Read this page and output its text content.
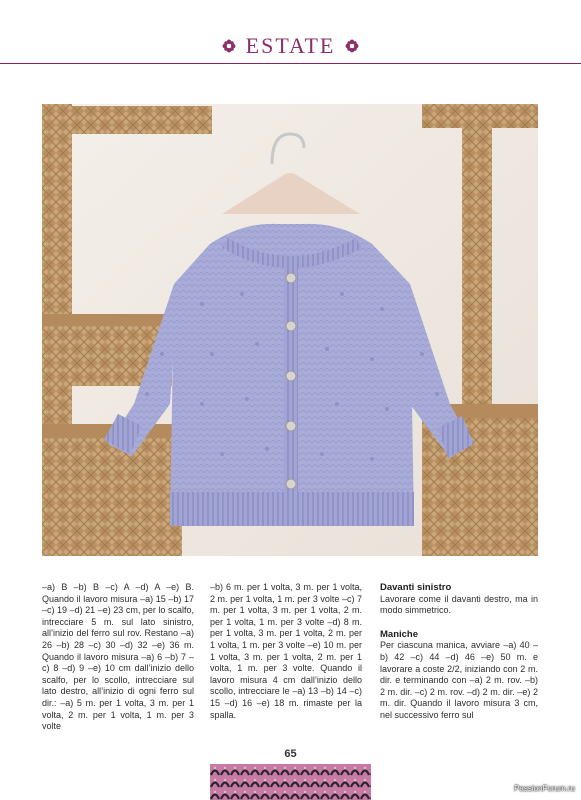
ESTATE

–a) B –b) B –c) A –d) A –e) B. Quando il lavoro misura –a) 15 –b) 17 –c) 19 –d) 21 –e) 23 cm, per lo scalfo, intrecciare 5 m. sul lato sinistro, all’inizio del ferro sul rov. Restano –a) 26 –b) 28 –c) 30 –d) 32 –e) 36 m. Quando il lavoro misura –a) 6 –b) 7 –c) 8 –d) 9 –e) 10 cm dall’inizio dello scalfo, per lo scollo, intrecciare sul lato destro, all’inizio di ogni ferro sul dir.: –a) 5 m. per 1 volta, 3 m. per 1 volta, 2 m. per 1 volta, 1 m. per 3 volte

–b) 6 m. per 1 volta, 3 m. per 1 volta, 2 m. per 1 volta, 1 m. per 3 volte –c) 7 m. per 1 volta, 3 m. per 1 volta, 2 m. per 1 volta, 1 m. per 3 volte –d) 8 m. per 1 volta, 3 m. per 1 volta, 2 m. per 1 volta, 1 m. per 3 volte –e) 10 m. per 1 volta, 3 m. per 1 volta, 2 m. per 1 volta, 1 m. per 3 volte. Quando il lavoro misura 4 cm dall’inizio dello scollo, intrecciare le –a) 13 –b) 14 –c) 15 –d) 16 –e) 18 m. rimaste per la spalla.

Davanti sinistro

Lavorare come il davanti destro, ma in modo simmetrico.

Maniche

Per ciascuna manica, avviare –a) 40 –b) 42 –c) 44 –d) 46 –e) 50 m. e lavorare a coste 2/2, iniziando con 2 m. dir. e terminando con –a) 2 m. rov. –b) 2 m. dir. –c) 2 m. rov. –d) 2 m. dir. –e) 2 m. dir. Quando il lavoro misura 3 cm, nel successivo ferro sul

65
PassionForum.ru
